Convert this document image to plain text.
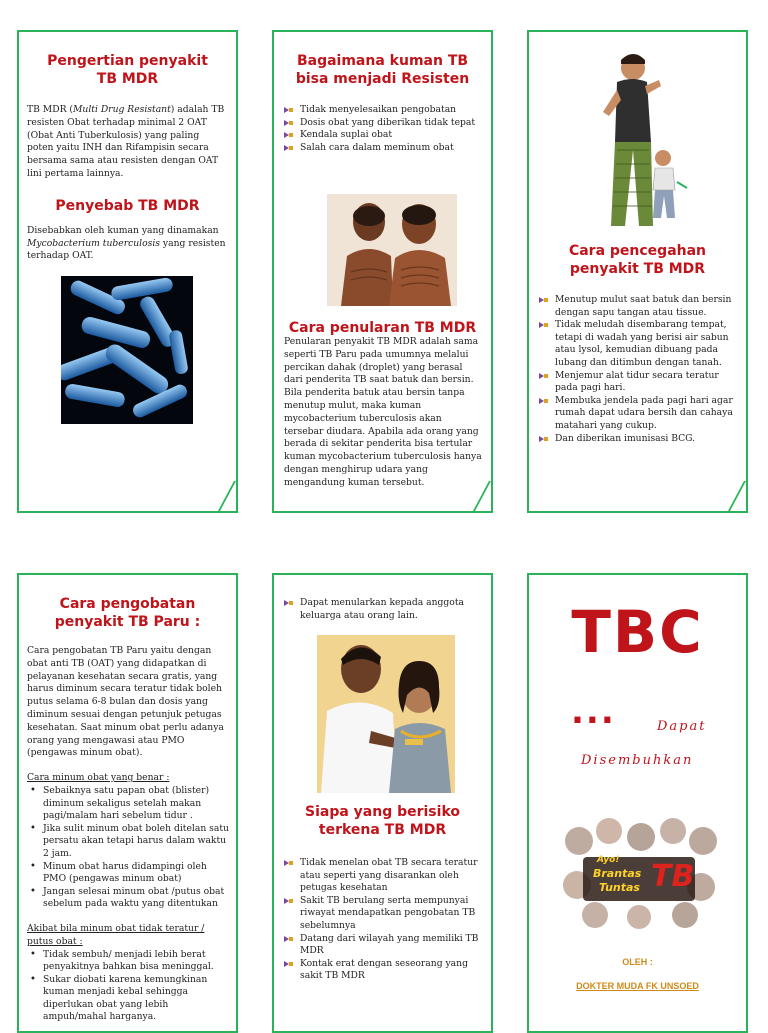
Pengertian penyakit TB MDR

TB MDR (Multi Drug Resistant) adalah TB resisten Obat terhadap minimal 2 OAT (Obat Anti Tuberkulosis) yang paling poten yaitu INH dan Rifampisin secara bersama sama atau resisten dengan OAT lini pertama lainnya.

Penyebab TB MDR

Disebabkan oleh kuman yang dinamakan Mycobacterium tuberculosis yang resisten terhadap OAT.

Bagaimana kuman TB bisa menjadi Resisten
Tidak menyelesaikan pengobatan
Dosis obat yang diberikan tidak tepat
Kendala suplai obat
Salah cara dalam meminum obat
Cara penularan TB MDR

Penularan penyakit TB MDR adalah sama seperti TB Paru pada umumnya melalui percikan dahak (droplet) yang berasal dari penderita TB saat batuk dan bersin. Bila penderita batuk atau bersin tanpa menutup mulut, maka kuman mycobacterium tuberculosis akan tersebar diudara. Apabila ada orang yang berada di sekitar penderita bisa tertular kuman mycobacterium tuberculosis hanya dengan menghirup udara yang mengandung kuman tersebut.

Cara pencegahan penyakit TB MDR
Menutup mulut saat batuk dan bersin dengan sapu tangan atau tissue.
Tidak meludah disembarang tempat, tetapi di wadah yang berisi air sabun atau lysol, kemudian dibuang pada lubang dan ditimbun dengan tanah.
Menjemur alat tidur secara teratur pada pagi hari.
Membuka jendela pada pagi hari agar rumah dapat udara bersih dan cahaya matahari yang cukup.
Dan diberikan imunisasi BCG.
Cara pengobatan penyakit TB Paru :

Cara pengobatan TB Paru yaitu dengan obat anti TB (OAT) yang didapatkan di pelayanan kesehatan secara gratis, yang harus diminum secara teratur tidak boleh putus selama 6-8 bulan dan dosis yang diminum sesuai dengan petunjuk petugas kesehatan. Saat minum obat perlu adanya orang yang mengawasi atau PMO (pengawas minum obat).

Cara minum obat yang benar :

• Sebaiknya satu papan obat (blister) diminum sekaligus setelah makan pagi/malam hari sebelum tidur .
• Jika sulit minum obat boleh ditelan satu persatu akan tetapi harus dalam waktu 2 jam.
• Minum obat harus didampingi oleh PMO (pengawas minum obat)
• Jangan selesai minum obat /putus obat sebelum pada waktu yang ditentukan

Akibat bila minum obat tidak teratur / putus obat :

• Tidak sembuh/ menjadi lebih berat penyakitnya bahkan bisa meninggal.
• Sukar diobati karena kemungkinan kuman menjadi kebal sehingga diperlukan obat yang lebih ampuh/mahal harganya.
Dapat menularkan kepada anggota keluarga atau orang lain.
Siapa yang berisiko terkena TB MDR
Tidak menelan obat TB secara teratur atau seperti yang disarankan oleh petugas kesehatan
Sakit TB berulang serta mempunyai riwayat mendapatkan pengobatan TB sebelumnya
Datang dari wilayah yang memiliki TB MDR
Kontak erat dengan seseorang yang sakit TB MDR
TBC
...	Dapat
Disembuhkan
Ayo!
Brantas
Tuntas TB
OLEH :
DOKTER MUDA FK UNSOED
